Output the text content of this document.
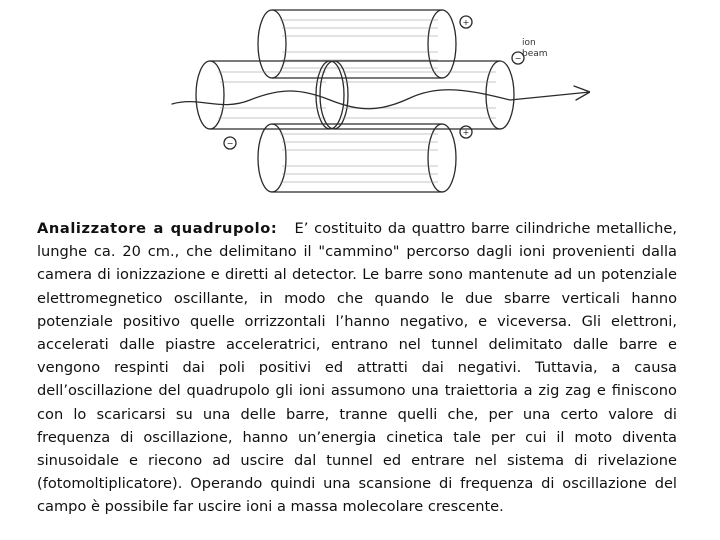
+
+
−
−
ion
beam

Analizzatore a quadrupolo: E’ costituito da quattro barre cilindriche metalliche, lunghe ca. 20 cm., che delimitano il "cammino" percorso dagli ioni provenienti dalla camera di ionizzazione e diretti al detector. Le barre sono mantenute ad un potenziale elettromegnetico oscillante, in modo che quando le due sbarre verticali hanno potenziale positivo quelle orrizzontali l’hanno negativo, e viceversa. Gli elettroni, accelerati dalle piastre acceleratrici, entrano nel tunnel delimitato dalle barre e vengono respinti dai poli positivi ed attratti dai negativi. Tuttavia, a causa dell’oscillazione del quadrupolo gli ioni assumono una traiettoria a zig zag e finiscono con lo scaricarsi su una delle barre, tranne quelli che, per una certo valore di frequenza di oscillazione, hanno un’energia cinetica tale per cui il moto diventa sinusoidale e riecono ad uscire dal tunnel ed entrare nel sistema di rivelazione (fotomoltiplicatore). Operando quindi una scansione di frequenza di oscillazione del campo è possibile far uscire ioni a massa molecolare crescente.
